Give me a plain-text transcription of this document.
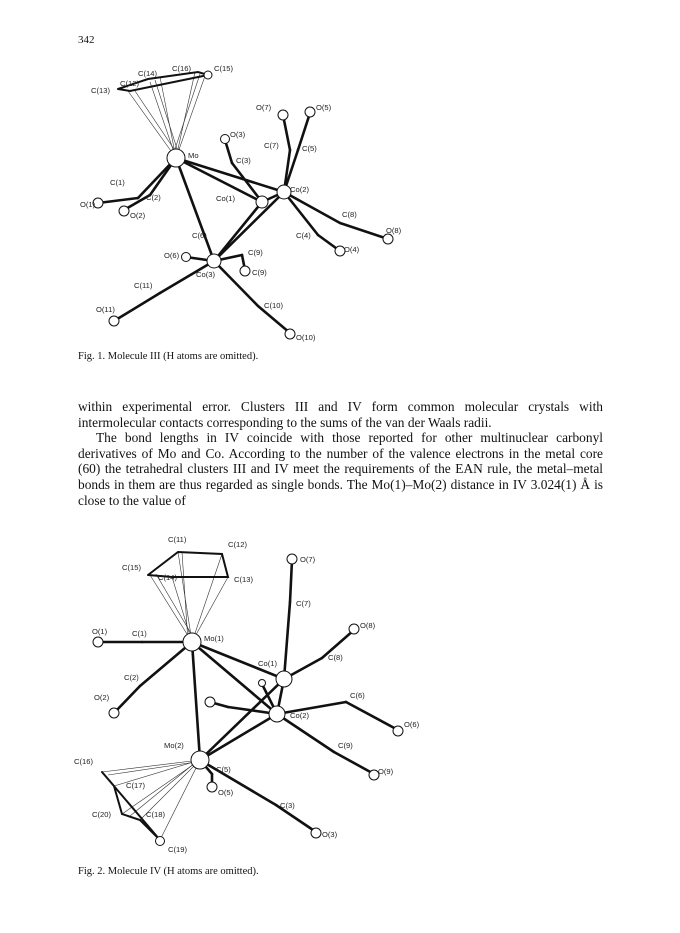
342
C(14)
C(16)	C(15)
C(13)
C(12)
O(7)	O(5)
O(3)
C(7)	C(5)
Mo
C(3)
C(1)
C(2)
Co(2)
O(1)
O(2)
Co(1)
C(8)
C(4)
O(8)
C(6)
O(6)	C(9)	O(4)
Co(3)	C(9)
C(11)
O(11)	C(10)
O(10)
Fig. 1. Molecule III (H atoms are omitted).

within experimental error. Clusters III and IV form common molecular crystals with intermolecular contacts corresponding to the sums of the van der Waals radii.

The bond lengths in IV coincide with those reported for other multinuclear carbonyl derivatives of Mo and Co. According to the number of the valence electrons in the metal core (60) the tetrahedral clusters III and IV meet the requirements of the EAN rule, the metal–metal bonds in them are thus regarded as single bonds. The Mo(1)–Mo(2) distance in IV 3.024(1) Å is close to the value of

C(11)
C(12)
C(15)
C(14)	C(13)
O(7)
C(7)
O(8)
O(1)	C(1)
Mo(1)
C(8)
Co(1)
C(2)
O(2)	C(6)
Co(2)
O(6)
Mo(2)	C(9)
C(16)
C(5)	O(9)
C(17)
O(5)
C(3)
C(20)	C(18)
O(3)
C(19)
Fig. 2. Molecule IV (H atoms are omitted).
